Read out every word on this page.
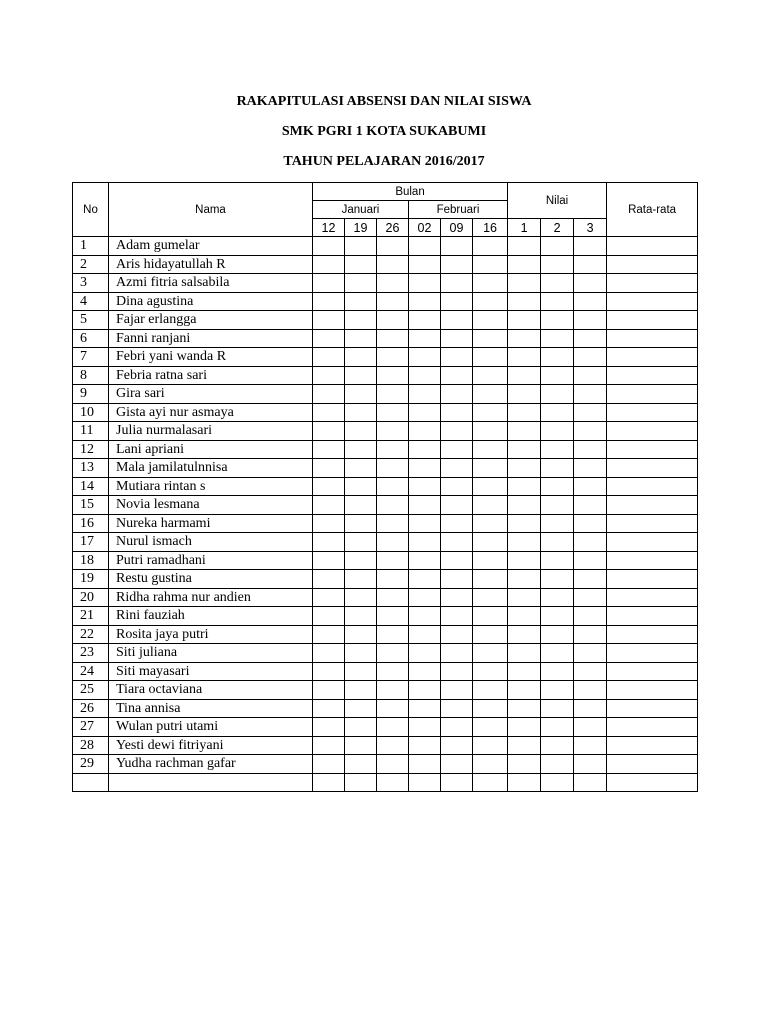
RAKAPITULASI ABSENSI DAN NILAI SISWA
SMK PGRI 1 KOTA SUKABUMI
TAHUN PELAJARAN 2016/2017
No	Nama	Bulan						Nilai			Rata-rata
		Januari			Februari						
		12	19	26	02	09	16	1	2	3	
1	Adam gumelar										
2	Aris hidayatullah R										
3	Azmi fitria salsabila										
4	Dina agustina										
5	Fajar erlangga										
6	Fanni ranjani										
7	Febri yani wanda R										
8	Febria ratna sari										
9	Gira sari										
10	Gista ayi nur asmaya										
11	Julia nurmalasari										
12	Lani apriani										
13	Mala jamilatulnnisa										
14	Mutiara rintan s										
15	Novia lesmana										
16	Nureka harmami										
17	Nurul ismach										
18	Putri ramadhani										
19	Restu gustina										
20	Ridha rahma nur andien										
21	Rini fauziah										
22	Rosita jaya putri										
23	Siti juliana										
24	Siti mayasari										
25	Tiara octaviana										
26	Tina annisa										
27	Wulan putri utami										
28	Yesti dewi fitriyani										
29	Yudha rachman gafar										
